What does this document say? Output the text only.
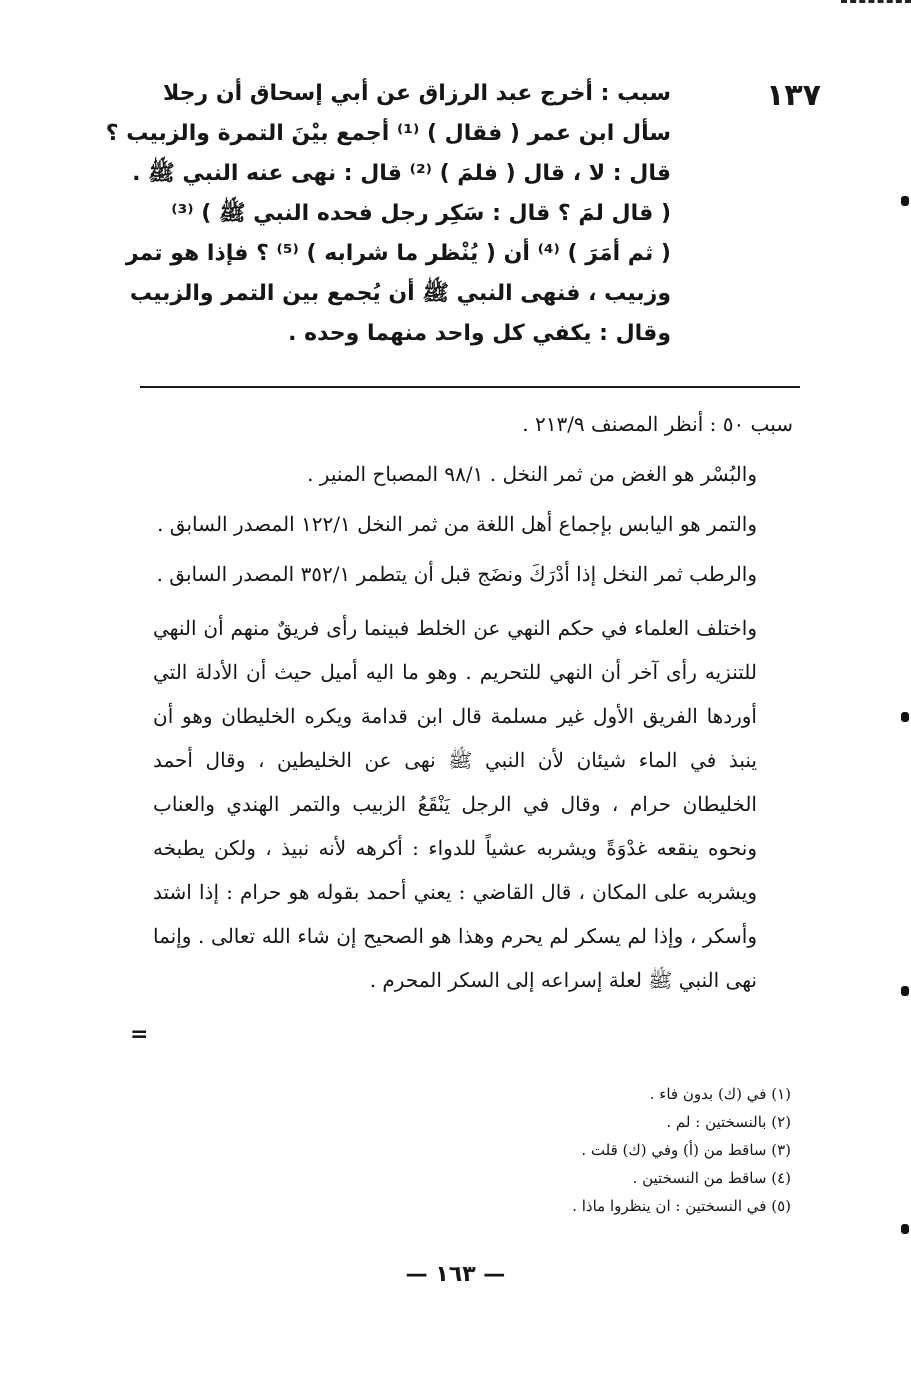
١٣٧
سبب : أخرج عبد الرزاق عن أبي إسحاق أن رجلا
سأل ابن عمر ( فقال ) ⁽¹⁾ أجمع بيْنَ التمرة والزبيب ؟
قال : لا ، قال ( فلمَ ) ⁽²⁾ قال : نهى عنه النبي ﷺ .
( قال لمَ ؟ قال : سَكِر رجل فحده النبي ﷺ ) ⁽³⁾
( ثم أمَرَ ) ⁽⁴⁾ أن ( يُنْظر ما شرابه ) ⁽⁵⁾ ؟ فإذا هو تمر
وزبيب ، فنهى النبي ﷺ أن يُجمع بين التمر والزبيب
وقال : يكفي كل واحد منهما وحده .

سبب ٥٠ : أنظر المصنف ٢١٣/٩ .

والبُسْر هو الغض من ثمر النخل . ٩٨/١ المصباح المنير .

والتمر هو اليابس بإجماع أهل اللغة من ثمر النخل ١٢٢/١ المصدر السابق .

والرطب ثمر النخل إذا أدْرَكَ ونضَج قبل أن يتطمر ٣٥٢/١ المصدر السابق .

واختلف العلماء في حكم النهي عن الخلط فبينما رأى فريقٌ منهم أن النهي للتنزيه رأى آخر أن النهي للتحريم . وهو ما اليه أميل حيث أن الأدلة التي أوردها الفريق الأول غير مسلمة قال ابن قدامة ويكره الخليطان وهو أن ينبذ في الماء شيئان لأن النبي ﷺ نهى عن الخليطين ، وقال أحمد الخليطان حرام ، وقال في الرجل يَنْقَعُ الزبيب والتمر الهندي والعناب ونحوه ينقعه غدْوَةً ويشربه عشياً للدواء : أكرهه لأنه نبيذ ، ولكن يطبخه ويشربه على المكان ، قال القاضي : يعني أحمد بقوله هو حرام : إذا اشتد وأسكر ، وإذا لم يسكر لم يحرم وهذا هو الصحيح إن شاء الله تعالى . وإنما نهى النبي ﷺ لعلة إسراعه إلى السكر المحرم .

=
(١) في (ك) بدون فاء .
(٢) بالنسختين : لم .
(٣) ساقط من (أ) وفي (ك) قلت .
(٤) ساقط من النسختين .
(٥) في النسختين : ان ينظروا ماذا .
— ١٦٣ —
